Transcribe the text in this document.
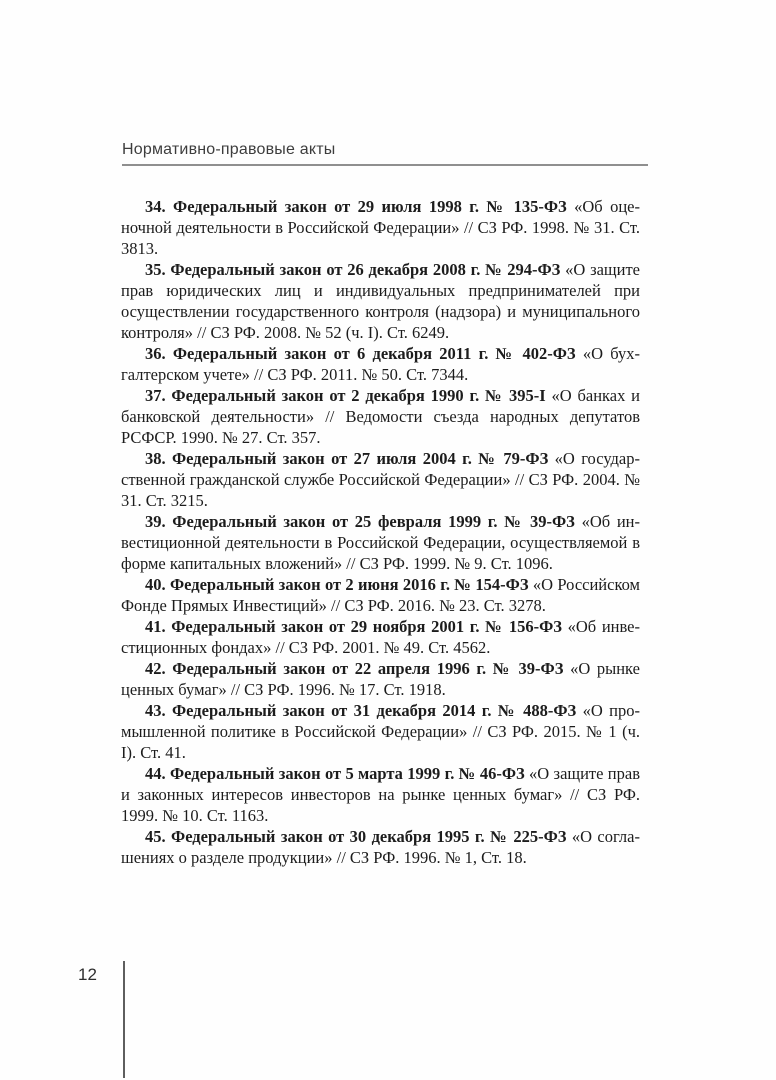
Нормативно-правовые акты

34. Федеральный закон от 29 июля 1998 г. № 135-ФЗ «Об оценочной деятельности в Российской Федерации» // СЗ РФ. 1998. № 31. Ст. 3813.

35. Федеральный закон от 26 декабря 2008 г. № 294-ФЗ «О защите прав юридических лиц и индивидуальных предпринимателей при осуществлении государственного контроля (надзора) и муниципального контроля» // СЗ РФ. 2008. № 52 (ч. I). Ст. 6249.

36. Федеральный закон от 6 декабря 2011 г. № 402-ФЗ «О бухгалтерском учете» // СЗ РФ. 2011. № 50. Ст. 7344.

37. Федеральный закон от 2 декабря 1990 г. № 395-I «О банках и банковской деятельности» // Ведомости съезда народных депутатов РСФСР. 1990. № 27. Ст. 357.

38. Федеральный закон от 27 июля 2004 г. № 79-ФЗ «О государственной гражданской службе Российской Федерации» // СЗ РФ. 2004. № 31. Ст. 3215.

39. Федеральный закон от 25 февраля 1999 г. № 39-ФЗ «Об инвестиционной деятельности в Российской Федерации, осуществляемой в форме капитальных вложений» // СЗ РФ. 1999. № 9. Ст. 1096.

40. Федеральный закон от 2 июня 2016 г. № 154-ФЗ «О Российском Фонде Прямых Инвестиций» // СЗ РФ. 2016. № 23. Ст. 3278.

41. Федеральный закон от 29 ноября 2001 г. № 156-ФЗ «Об инвестиционных фондах» // СЗ РФ. 2001. № 49. Ст. 4562.

42. Федеральный закон от 22 апреля 1996 г. № 39-ФЗ «О рынке ценных бумаг» // СЗ РФ. 1996. № 17. Ст. 1918.

43. Федеральный закон от 31 декабря 2014 г. № 488-ФЗ «О промышленной политике в Российской Федерации» // СЗ РФ. 2015. № 1 (ч. I). Ст. 41.

44. Федеральный закон от 5 марта 1999 г. № 46-ФЗ «О защите прав и законных интересов инвесторов на рынке ценных бумаг» // СЗ РФ. 1999. № 10. Ст. 1163.

45. Федеральный закон от 30 декабря 1995 г. № 225-ФЗ «О соглашениях о разделе продукции» // СЗ РФ. 1996. № 1, Ст. 18.

12
